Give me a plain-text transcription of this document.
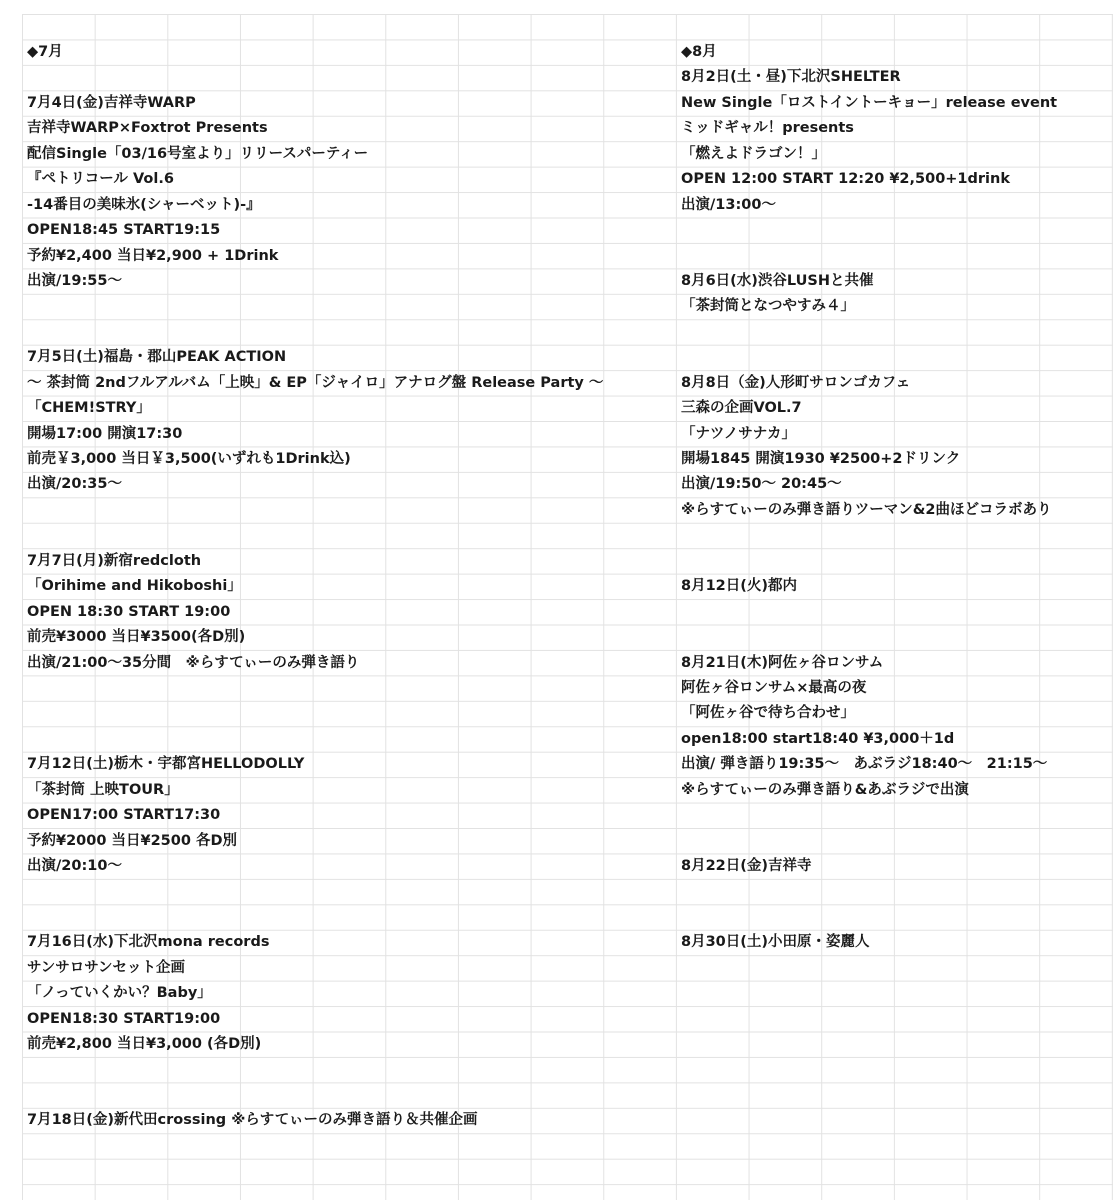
◆7月
7月4日(金)吉祥寺WARP
吉祥寺WARP×Foxtrot Presents
配信Single「03/16号室より」リリースパーティー
『ペトリコール Vol.6
-14番目の美味氷(シャーベット)-』
OPEN18:45 START19:15
予約¥2,400 当日¥2,900 + 1Drink
出演/19:55〜
7月5日(土)福島・郡山PEAK ACTION
〜 茶封筒 2ndフルアルバム「上映」& EP「ジャイロ」アナログ盤 Release Party 〜
「CHEM!STRY」
開場17:00 開演17:30
前売￥3,000 当日￥3,500(いずれも1Drink込)
出演/20:35〜
7月7日(月)新宿redcloth
「Orihime and Hikoboshi」
OPEN 18:30 START 19:00
前売¥3000 当日¥3500(各D別)
出演/21:00〜35分間　※らすてぃーのみ弾き語り
7月12日(土)栃木・宇都宮HELLODOLLY
「茶封筒 上映TOUR」
OPEN17:00 START17:30
予約¥2000 当日¥2500 各D別
出演/20:10〜
7月16日(水)下北沢mona records
サンサロサンセット企画
「ノっていくかい？Baby」
OPEN18:30 START19:00
前売¥2,800 当日¥3,000 (各D別)
7月18日(金)新代田crossing ※らすてぃーのみ弾き語り＆共催企画
◆8月
8月2日(土・昼)下北沢SHELTER
New Single「ロストイントーキョー」release event
ミッドギャル！presents
「燃えよドラゴン！」
OPEN 12:00 START 12:20 ¥2,500+1drink
出演/13:00〜
8月6日(水)渋谷LUSHと共催
「茶封筒となつやすみ４」
8月8日（金)人形町サロンゴカフェ
三森の企画VOL.7
「ナツノサナカ」
開場1845 開演1930 ¥2500+2ドリンク
出演/19:50〜 20:45〜
※らすてぃーのみ弾き語りツーマン&2曲ほどコラボあり
8月12日(火)都内
8月21日(木)阿佐ヶ谷ロンサム
阿佐ヶ谷ロンサム×最高の夜
「阿佐ヶ谷で待ち合わせ」
open18:00 start18:40 ¥3,000＋1d
出演/ 弾き語り19:35〜　あぶラジ18:40〜　21:15〜
※らすてぃーのみ弾き語り&あぶラジで出演
8月22日(金)吉祥寺
8月30日(土)小田原・姿麗人
